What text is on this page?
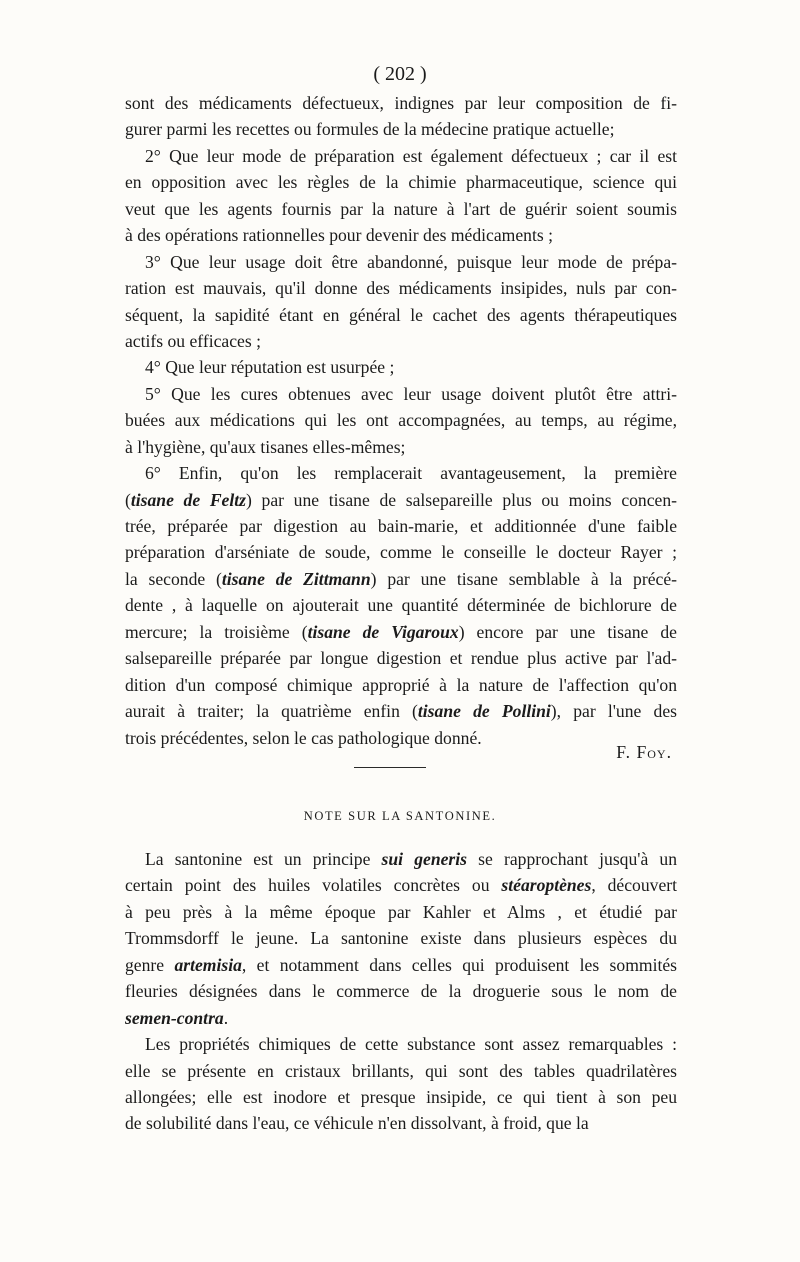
( 202 )
sont des médicaments défectueux, indignes par leur composition de fi-
gurer parmi les recettes ou formules de la médecine pratique actuelle;
2° Que leur mode de préparation est également défectueux ; car il est
en opposition avec les règles de la chimie pharmaceutique, science qui
veut que les agents fournis par la nature à l'art de guérir soient soumis
à des opérations rationnelles pour devenir des médicaments ;
3° Que leur usage doit être abandonné, puisque leur mode de prépa-
ration est mauvais, qu'il donne des médicaments insipides, nuls par con-
séquent, la sapidité étant en général le cachet des agents thérapeutiques
actifs ou efficaces ;
4° Que leur réputation est usurpée ;
5° Que les cures obtenues avec leur usage doivent plutôt être attri-
buées aux médications qui les ont accompagnées, au temps, au régime,
à l'hygiène, qu'aux tisanes elles-mêmes;
6° Enfin, qu'on les remplacerait avantageusement, la première
(tisane de Feltz) par une tisane de salsepareille plus ou moins concen-
trée, préparée par digestion au bain-marie, et additionnée d'une faible
préparation d'arséniate de soude, comme le conseille le docteur Rayer ;
la seconde (tisane de Zittmann) par une tisane semblable à la précé-
dente , à laquelle on ajouterait une quantité déterminée de bichlorure de
mercure; la troisième (tisane de Vigaroux) encore par une tisane de
salsepareille préparée par longue digestion et rendue plus active par l'ad-
dition d'un composé chimique approprié à la nature de l'affection qu'on
aurait à traiter; la quatrième enfin (tisane de Pollini), par l'une des
trois précédentes, selon le cas pathologique donné.
F. Foy.
NOTE SUR LA SANTONINE.
La santonine est un principe sui generis se rapprochant jusqu'à un
certain point des huiles volatiles concrètes ou stéaroptènes, découvert
à peu près à la même époque par Kahler et Alms , et étudié par
Trommsdorff le jeune. La santonine existe dans plusieurs espèces du
genre artemisia, et notamment dans celles qui produisent les sommités
fleuries désignées dans le commerce de la droguerie sous le nom de
semen-contra.
Les propriétés chimiques de cette substance sont assez remarquables :
elle se présente en cristaux brillants, qui sont des tables quadrilatères
allongées; elle est inodore et presque insipide, ce qui tient à son peu
de solubilité dans l'eau, ce véhicule n'en dissolvant, à froid, que la
